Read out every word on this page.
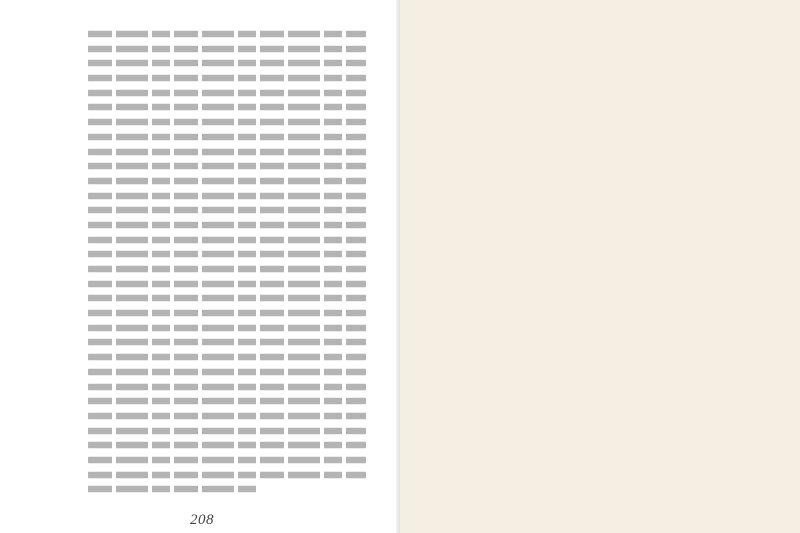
208
